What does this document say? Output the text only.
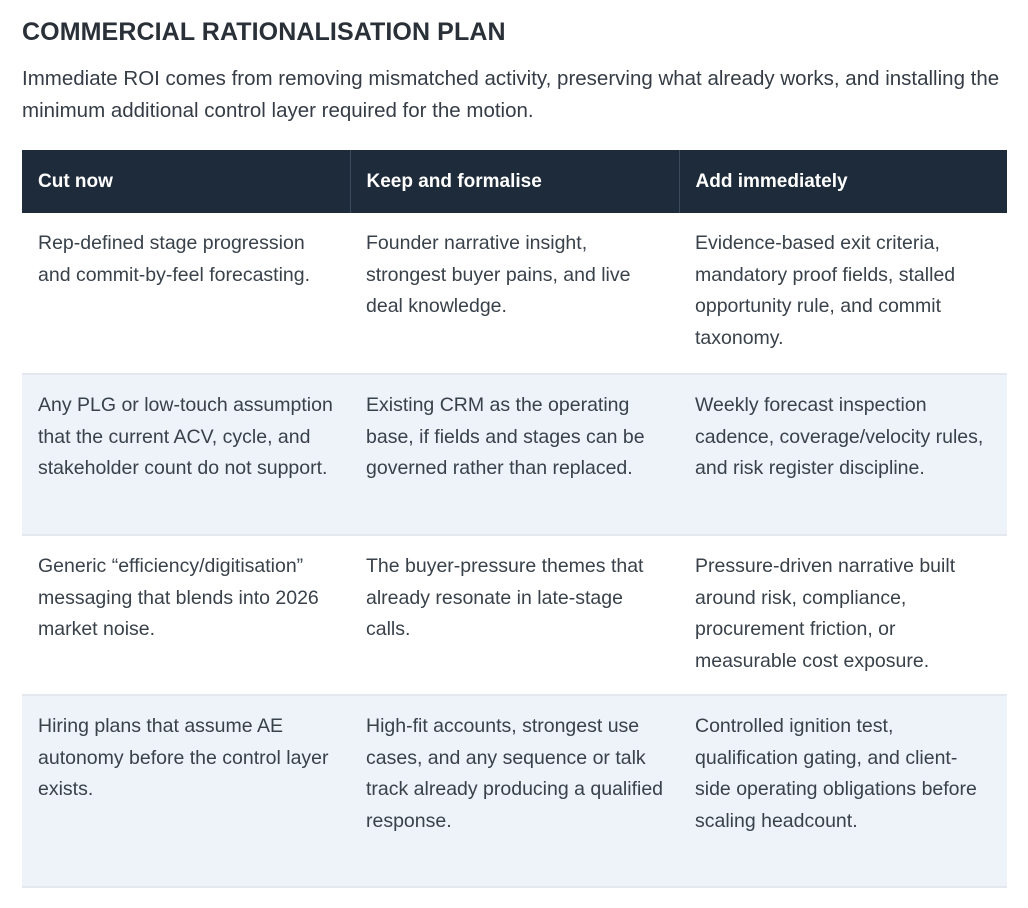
COMMERCIAL RATIONALISATION PLAN

Immediate ROI comes from removing mismatched activity, preserving what already works, and installing the minimum additional control layer required for the motion.

Cut now	Keep and formalise	Add immediately
Rep-defined stage progression and commit-by-feel forecasting.	Founder narrative insight, strongest buyer pains, and live deal knowledge.	Evidence-based exit criteria, mandatory proof fields, stalled opportunity rule, and commit taxonomy.
Any PLG or low-touch assumption that the current ACV, cycle, and stakeholder count do not support.	Existing CRM as the operating base, if fields and stages can be governed rather than replaced.	Weekly forecast inspection cadence, coverage/velocity rules, and risk register discipline.
Generic “efficiency/digitisation” messaging that blends into 2026 market noise.	The buyer-pressure themes that already resonate in late-stage calls.	Pressure-driven narrative built around risk, compliance, procurement friction, or measurable cost exposure.
Hiring plans that assume AE autonomy before the control layer exists.	High-fit accounts, strongest use cases, and any sequence or talk track already producing a qualified response.	Controlled ignition test, qualification gating, and client-side operating obligations before scaling headcount.
